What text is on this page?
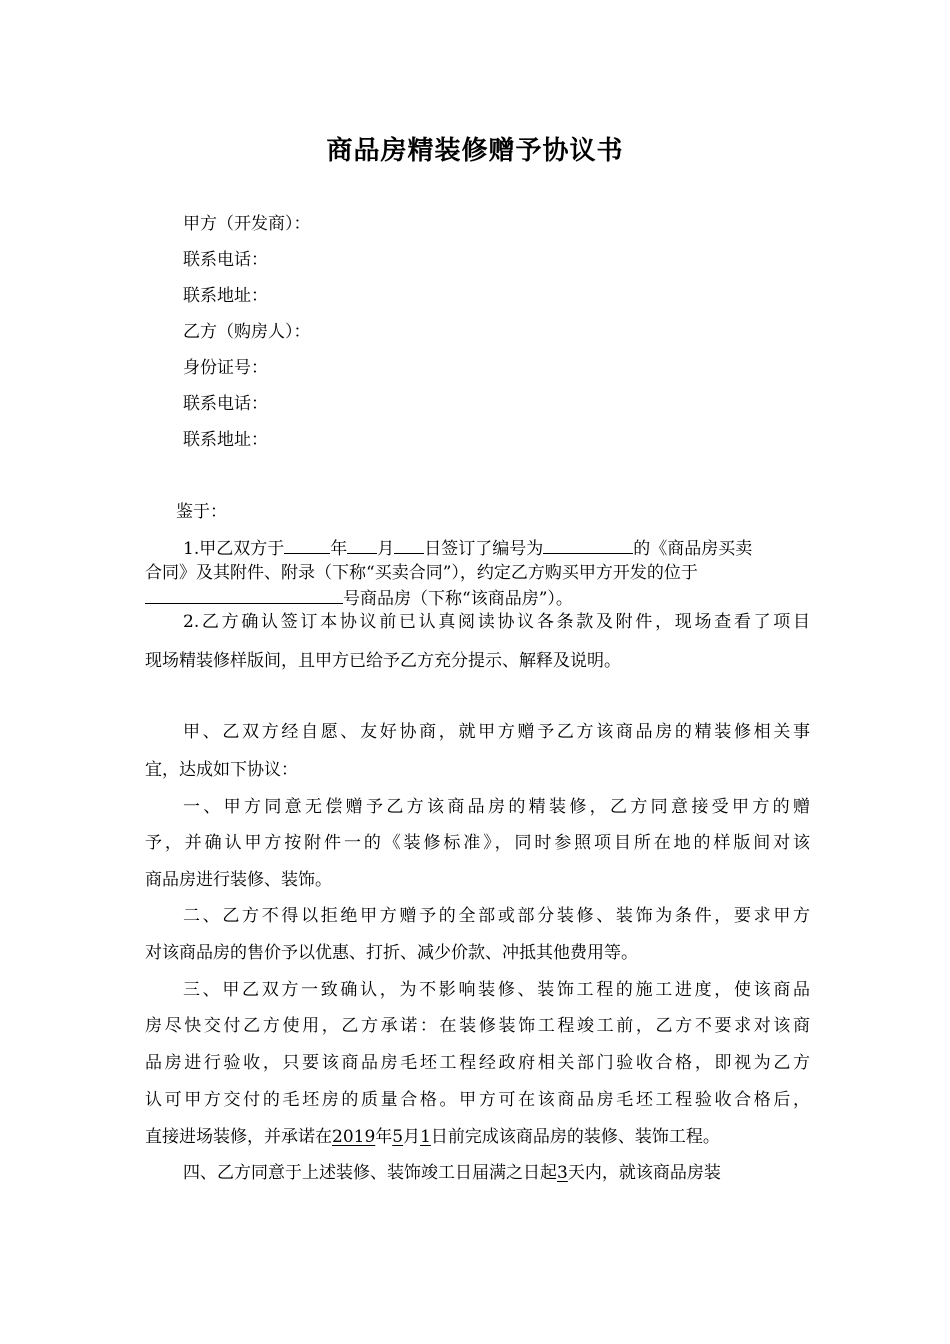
商品房精装修赠予协议书
甲方（开发商）：
联系电话：
联系地址：
乙方（购房人）：
身份证号：
联系电话：
联系地址：
鉴于：
1.甲乙双方于	年 月 日签订了编号为	的《商品房买卖
合同》及其附件、附录（下称“买卖合同”），约定乙方购买甲方开发的位于
号商品房（下称“该商品房”）。
2.乙方确认签订本协议前已认真阅读协议各条款及附件，现场查看了项目
现场精装修样版间，且甲方已给予乙方充分提示、解释及说明。
甲、乙双方经自愿、友好协商，就甲方赠予乙方该商品房的精装修相关事
宜，达成如下协议：
一、甲方同意无偿赠予乙方该商品房的精装修，乙方同意接受甲方的赠
予，并确认甲方按附件一的《装修标准》，同时参照项目所在地的样版间对该
商品房进行装修、装饰。
二、乙方不得以拒绝甲方赠予的全部或部分装修、装饰为条件，要求甲方
对该商品房的售价予以优惠、打折、减少价款、冲抵其他费用等。
三、甲乙双方一致确认，为不影响装修、装饰工程的施工进度，使该商品
房尽快交付乙方使用，乙方承诺：在装修装饰工程竣工前，乙方不要求对该商
品房进行验收，只要该商品房毛坯工程经政府相关部门验收合格，即视为乙方
认可甲方交付的毛坯房的质量合格。甲方可在该商品房毛坯工程验收合格后，
直接进场装修，并承诺在2019年5月1日前完成该商品房的装修、装饰工程。
四、乙方同意于上述装修、装饰竣工日届满之日起3天内，就该商品房装
